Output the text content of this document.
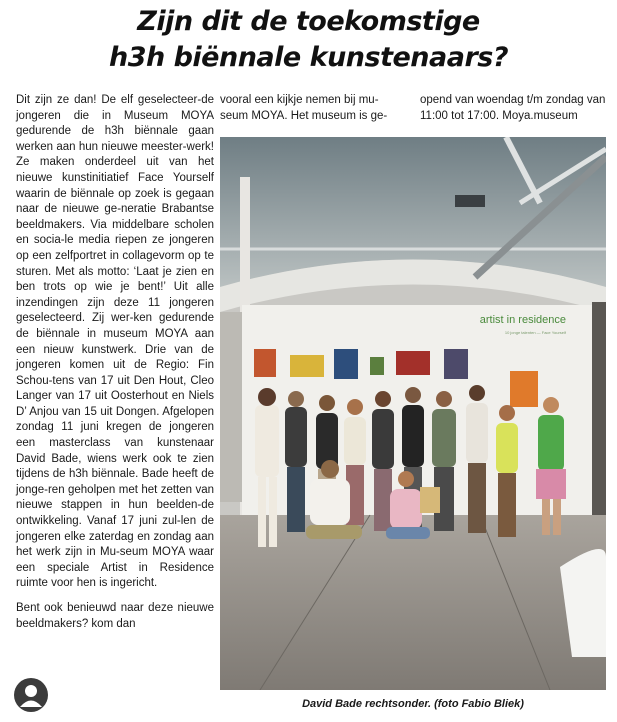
Zijn dit de toekomstige
h3h biënnale kunstenaars?
Dit zijn ze dan! De elf geselecteer-de jongeren die in Museum MOYA gedurende de h3h biënnale gaan werken aan hun nieuwe meester-werk! Ze maken onderdeel uit van het nieuwe kunstinitiatief Face Yourself waarin de biënnale op zoek is gegaan naar de nieuwe ge-neratie Brabantse beeldmakers. Via middelbare scholen en socia-le media riepen ze jongeren op een zelfportret in collagevorm op te sturen. Met als motto: ‘Laat je zien en ben trots op wie je bent!’ Uit alle inzendingen zijn deze 11 jongeren geselecteerd. Zij wer-ken gedurende de biënnale in museum MOYA aan een nieuw kunstwerk. Drie van de jongeren komen uit de Regio: Fin Schou-tens van 17 uit Den Hout, Cleo Langer van 17 uit Oosterhout en Niels D’ Anjou van 15 uit Dongen. Afgelopen zondag 11 juni kregen de jongeren een masterclass van kunstenaar David Bade, wiens werk ook te zien tijdens de h3h biënnale. Bade heeft de jonge-ren geholpen met het zetten van nieuwe stappen in hun beelden-de ontwikkeling. Vanaf 17 juni zul-len de jongeren elke zaterdag en zondag aan het werk zijn in Mu-seum MOYA waar een speciale Artist in Residence ruimte voor hen is ingericht.
Bent ook benieuwd naar deze nieuwe beeldmakers? kom dan
vooral een kijkje nemen bij mu-seum MOYA. Het museum is ge-
opend van woendag t/m zondag van 11:00 tot 17:00. Moya.museum
artist in residence
10 jonge talenten — Face Yourself
David Bade rechtsonder. (foto Fabio Bliek)
